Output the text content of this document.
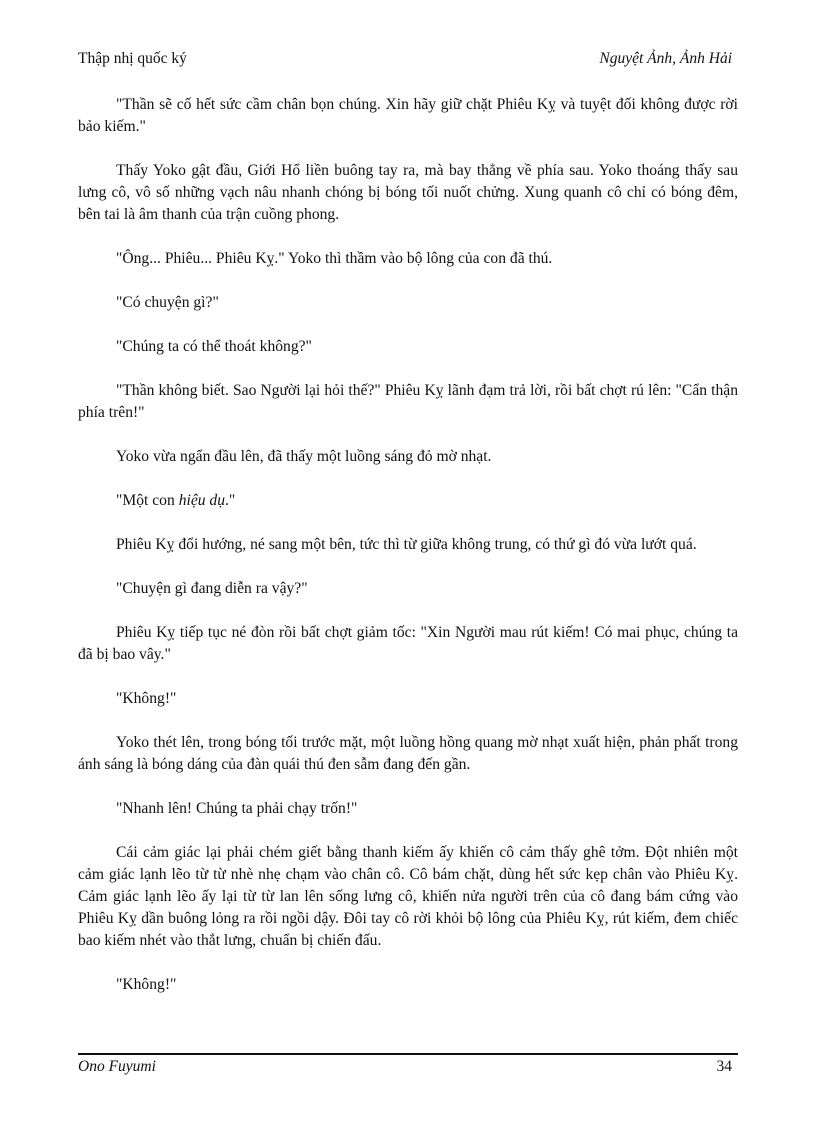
Thập nhị quốc ký	Nguyệt Ảnh, Ảnh Hải

"Thần sẽ cố hết sức cầm chân bọn chúng. Xin hãy giữ chặt Phiêu Kỵ và tuyệt đối không được rời bảo kiếm."

Thấy Yoko gật đầu, Giới Hổ liền buông tay ra, mà bay thẳng về phía sau. Yoko thoáng thấy sau lưng cô, vô số những vạch nâu nhanh chóng bị bóng tối nuốt chửng. Xung quanh cô chỉ có bóng đêm, bên tai là âm thanh của trận cuồng phong.

"Ông... Phiêu... Phiêu Kỵ." Yoko thì thầm vào bộ lông của con đã thú.

"Có chuyện gì?"

"Chúng ta có thể thoát không?"

"Thần không biết. Sao Người lại hỏi thế?" Phiêu Kỵ lãnh đạm trả lời, rồi bất chợt rú lên: "Cẩn thận phía trên!"

Yoko vừa ngẩn đầu lên, đã thấy một luồng sáng đỏ mờ nhạt.

"Một con hiệu dụ."

Phiêu Kỵ đổi hướng, né sang một bên, tức thì từ giữa không trung, có thứ gì đó vừa lướt quá.

"Chuyện gì đang diễn ra vậy?"

Phiêu Kỵ tiếp tục né đòn rồi bất chợt giảm tốc: "Xin Người mau rút kiếm! Có mai phục, chúng ta đã bị bao vây."

"Không!"

Yoko thét lên, trong bóng tối trước mặt, một luồng hồng quang mờ nhạt xuất hiện, phản phất trong ánh sáng là bóng dáng của đàn quái thú đen sẫm đang đến gần.

"Nhanh lên! Chúng ta phải chạy trốn!"

Cái cảm giác lại phải chém giết bằng thanh kiếm ấy khiến cô cảm thấy ghê tởm. Đột nhiên một cảm giác lạnh lẽo từ từ nhè nhẹ chạm vào chân cô. Cô bám chặt, dùng hết sức kẹp chân vào Phiêu Kỵ. Cảm giác lạnh lẽo ấy lại từ từ lan lên sống lưng cô, khiến nửa người trên của cô đang bám cứng vào Phiêu Kỵ dần buông lỏng ra rồi ngồi dậy. Đôi tay cô rời khỏi bộ lông của Phiêu Kỵ, rút kiếm, đem chiếc bao kiếm nhét vào thắt lưng, chuẩn bị chiến đấu.

"Không!"

Ono Fuyumi	34
